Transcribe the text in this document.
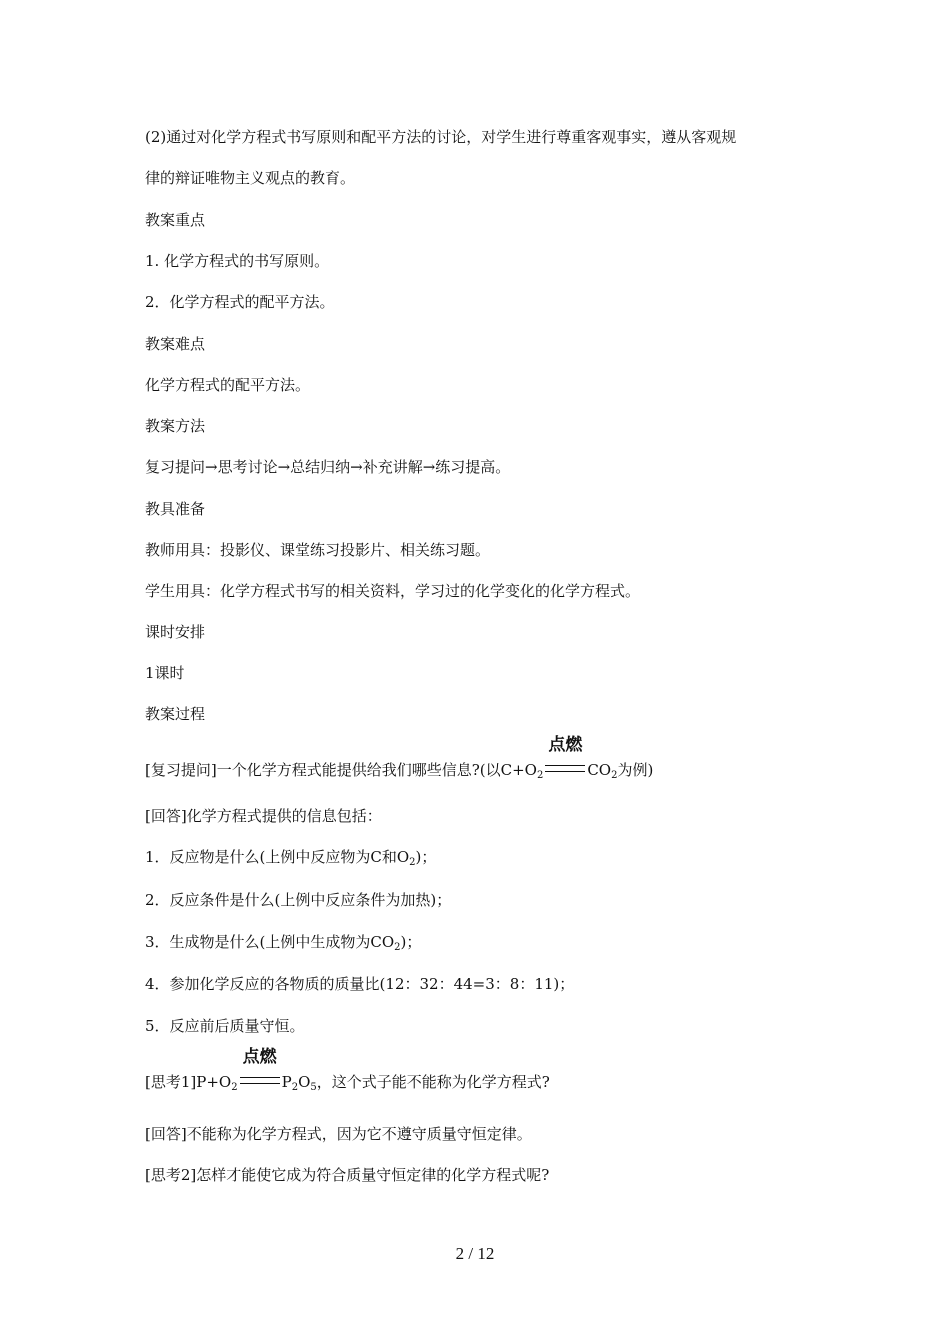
(2)通过对化学方程式书写原则和配平方法的讨论，对学生进行尊重客观事实，遵从客观规
律的辩证唯物主义观点的教育。
教案重点
1. 化学方程式的书写原则。
2．化学方程式的配平方法。
教案难点
化学方程式的配平方法。
教案方法
复习提问→思考讨论→总结归纳→补充讲解→练习提高。
教具准备
教师用具：投影仪、课堂练习投影片、相关练习题。
学生用具：化学方程式书写的相关资料，学习过的化学变化的化学方程式。
课时安排
1课时
教案过程
[复习提问]一个化学方程式能提供给我们哪些信息?(以$C+O_2$
点燃
$CO_2$为例)
[回答]化学方程式提供的信息包括：
1．反应物是什么(上例中反应物为C和$O_2$)；
2．反应条件是什么(上例中反应条件为加热)；
3．生成物是什么(上例中生成物为$CO_2$)；
4．参加化学反应的各物质的质量比(12：32：44=3：8：11)；
5．反应前后质量守恒。
[思考$1]P+O_2$
点燃
$P_2O_5$，这个式子能不能称为化学方程式?
[回答]不能称为化学方程式，因为它不遵守质量守恒定律。
[思考2]怎样才能使它成为符合质量守恒定律的化学方程式呢?
2 / 12
